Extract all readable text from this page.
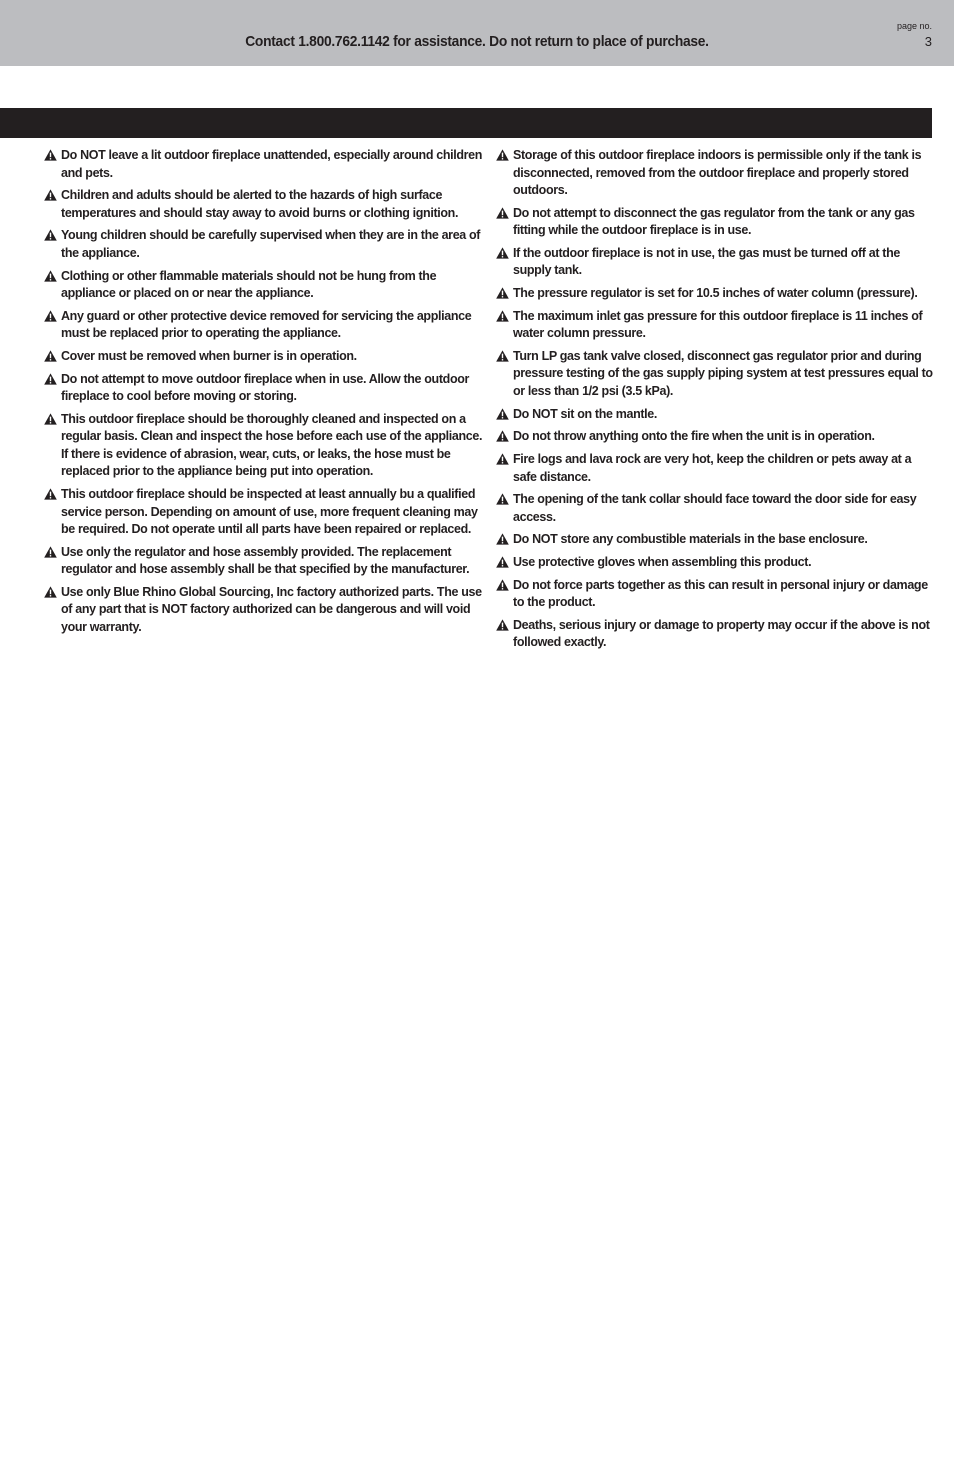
Contact 1.800.762.1142 for assistance. Do not return to place of purchase.
page no.
3
Do NOT leave a lit outdoor fireplace unattended, especially around children and pets.
Children and adults should be alerted to the hazards of high surface temperatures and should stay away to avoid burns or clothing ignition.
Young children should be carefully supervised when they are in the area of the appliance.
Clothing or other flammable materials should not be hung from the appliance or placed on or near the appliance.
Any guard or other protective device removed for servicing the appliance must be replaced prior to operating the appliance.
Cover must be removed when burner is in operation.
Do not attempt to move outdoor fireplace when in use. Allow the outdoor fireplace to cool before moving or storing.
This outdoor fireplace should be thoroughly cleaned and inspected on a regular basis. Clean and inspect the hose before each use of the appliance. If there is evidence of abrasion, wear, cuts, or leaks, the hose must be replaced prior to the appliance being put into operation.
This outdoor fireplace should be inspected at least annually bu a qualified service person. Depending on amount of use, more frequent cleaning may be required. Do not operate until all parts have been repaired or replaced.
Use only the regulator and hose assembly provided. The replacement regulator and hose assembly shall be that specified by the manufacturer.
Use only Blue Rhino Global Sourcing, Inc factory authorized parts. The use of any part that is NOT factory authorized can be dangerous and will void your warranty.
Storage of this outdoor fireplace indoors is permissible only if the tank is disconnected, removed from the outdoor fireplace and properly stored outdoors.
Do not attempt to disconnect the gas regulator from the tank or any gas fitting while the outdoor fireplace is in use.
If the outdoor fireplace is not in use, the gas must be turned off at the supply tank.
The pressure regulator is set for 10.5 inches of water column (pressure).
The maximum inlet gas pressure for this outdoor fireplace is 11 inches of water column pressure.
Turn LP gas tank valve closed, disconnect gas regulator prior and during pressure testing of the gas supply piping system at test pressures equal to or less than 1/2 psi (3.5 kPa).
Do NOT sit on the mantle.
Do not throw anything onto the fire when the unit is in operation.
Fire logs and lava rock are very hot, keep the children or pets away at a safe distance.
The opening of the tank collar should face toward the door side for easy access.
Do NOT store any combustible materials in the base enclosure.
Use protective gloves when assembling this product.
Do not force parts together as this can result in personal injury or damage to the product.
Deaths, serious injury or damage to property may occur if the above is not followed exactly.
